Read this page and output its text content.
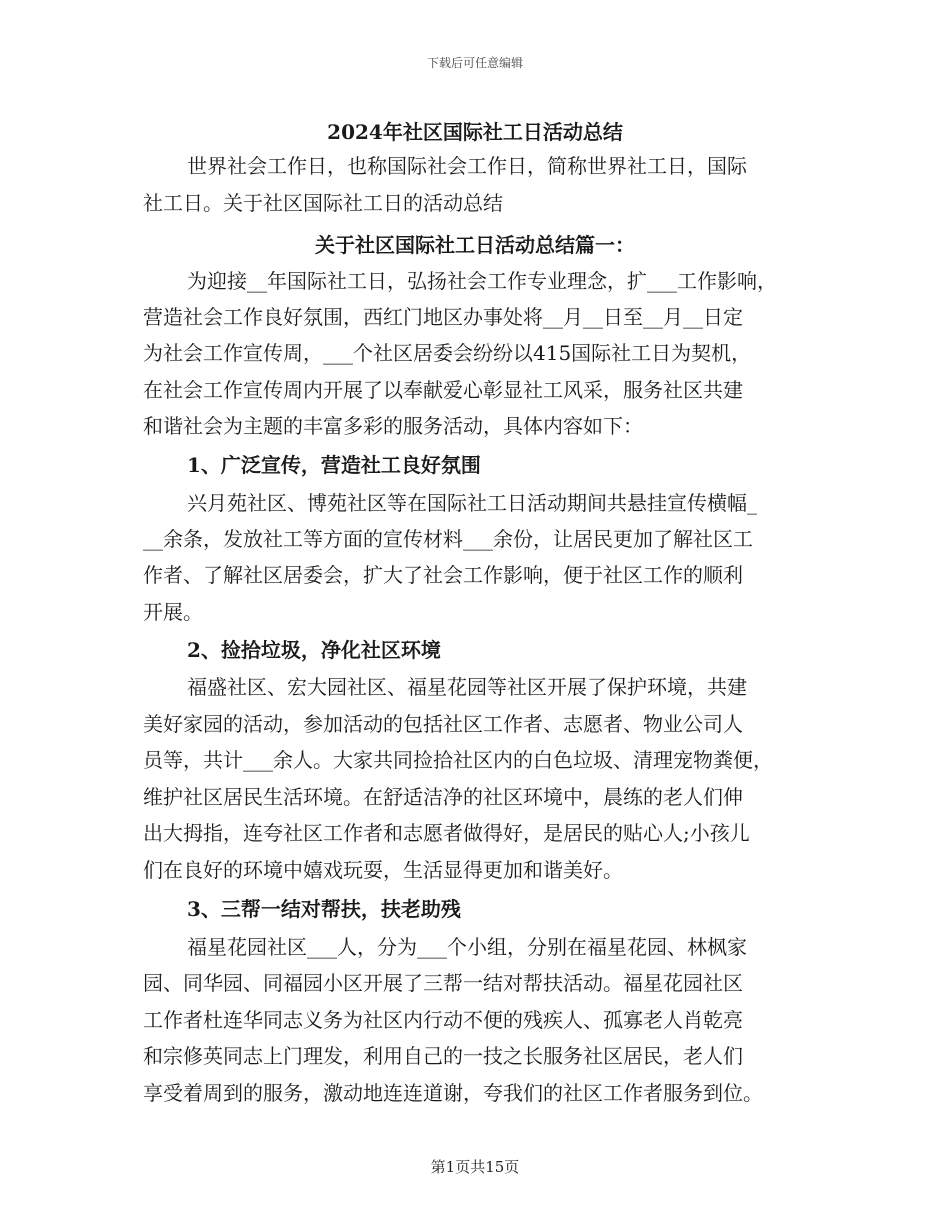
下载后可任意编辑
2024年社区国际社工日活动总结
世界社会工作日，也称国际社会工作日，简称世界社工日，国际
社工日。关于社区国际社工日的活动总结
关于社区国际社工日活动总结篇一：
为迎接__年国际社工日，弘扬社会工作专业理念，扩___工作影响，
营造社会工作良好氛围，西红门地区办事处将__月__日至__月__日定
为社会工作宣传周，___个社区居委会纷纷以415国际社工日为契机，
在社会工作宣传周内开展了以奉献爱心彰显社工风采，服务社区共建
和谐社会为主题的丰富多彩的服务活动，具体内容如下：
1、广泛宣传，营造社工良好氛围
兴月苑社区、博苑社区等在国际社工日活动期间共悬挂宣传横幅_
__余条，发放社工等方面的宣传材料___余份，让居民更加了解社区工
作者、了解社区居委会，扩大了社会工作影响，便于社区工作的顺利
开展。
2、捡拾垃圾，净化社区环境
福盛社区、宏大园社区、福星花园等社区开展了保护环境，共建
美好家园的活动，参加活动的包括社区工作者、志愿者、物业公司人
员等，共计___余人。大家共同捡拾社区内的白色垃圾、清理宠物粪便，
维护社区居民生活环境。在舒适洁净的社区环境中，晨练的老人们伸
出大拇指，连夸社区工作者和志愿者做得好，是居民的贴心人;小孩儿
们在良好的环境中嬉戏玩耍，生活显得更加和谐美好。
3、三帮一结对帮扶，扶老助残
福星花园社区___人，分为___个小组，分别在福星花园、林枫家
园、同华园、同福园小区开展了三帮一结对帮扶活动。福星花园社区
工作者杜连华同志义务为社区内行动不便的残疾人、孤寡老人肖乾亮
和宗修英同志上门理发，利用自己的一技之长服务社区居民，老人们
享受着周到的服务，激动地连连道谢，夸我们的社区工作者服务到位。
第1页共15页
